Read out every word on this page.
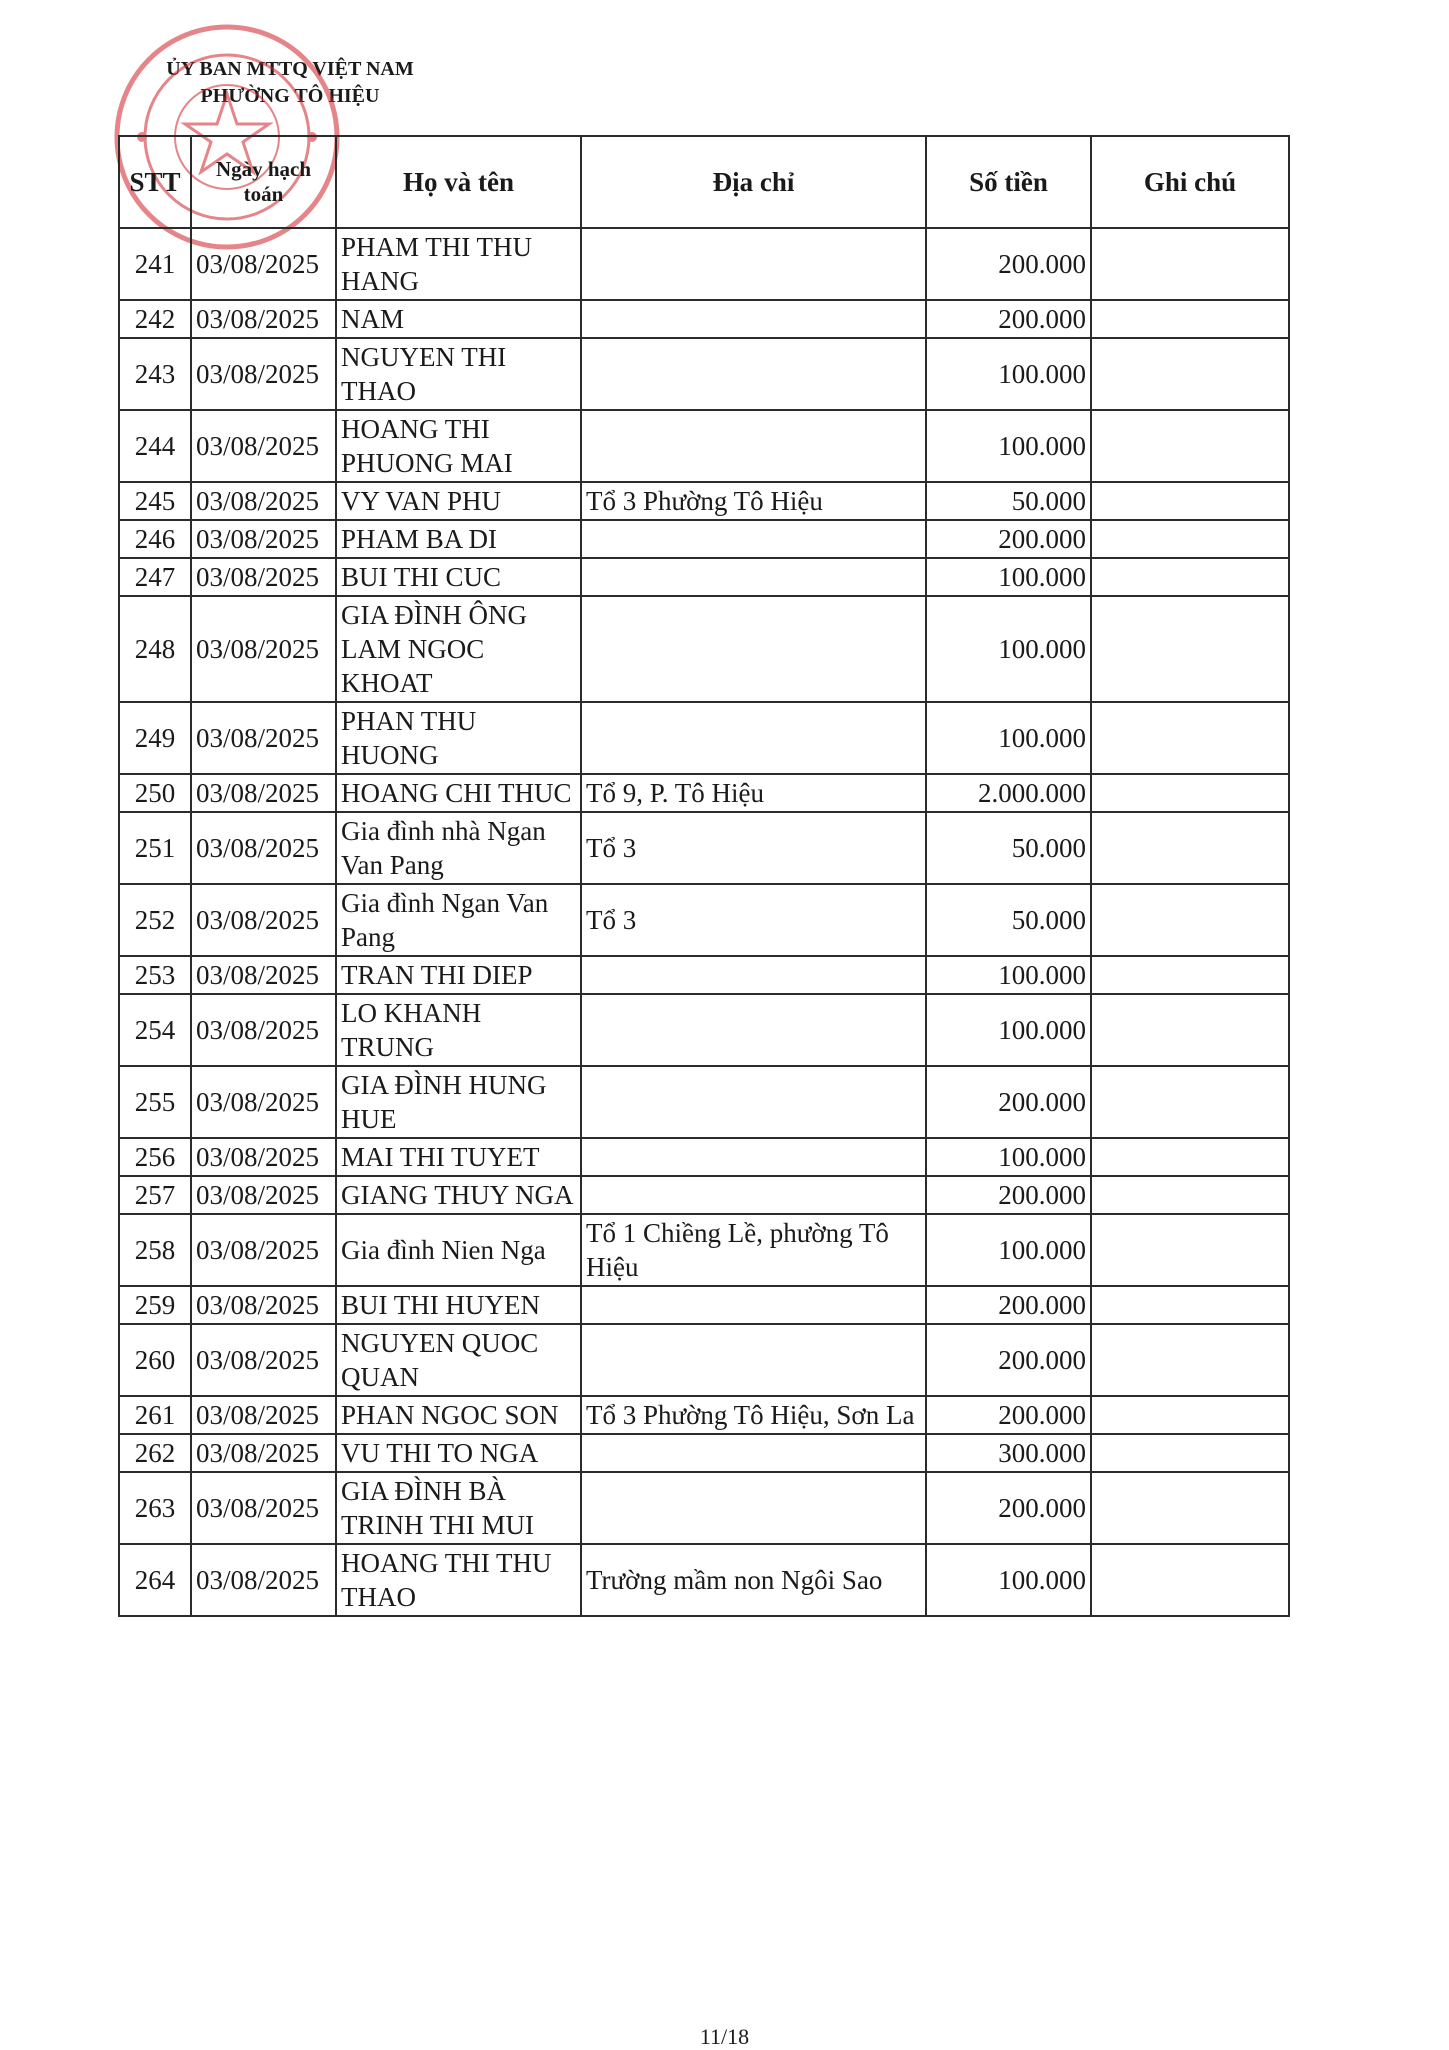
ỦY BAN MTTQ VIỆT NAM
PHƯỜNG TÔ HIỆU
STT	Ngày hạch toán	Họ và tên	Địa chỉ	Số tiền	Ghi chú
241	03/08/2025	PHAM THI THU HANG		200.000	
242	03/08/2025	NAM		200.000	
243	03/08/2025	NGUYEN THI THAO		100.000	
244	03/08/2025	HOANG THI PHUONG MAI		100.000	
245	03/08/2025	VY VAN PHU	Tổ 3 Phường Tô Hiệu	50.000	
246	03/08/2025	PHAM BA DI		200.000	
247	03/08/2025	BUI THI CUC		100.000	
248	03/08/2025	GIA ĐÌNH ÔNG LAM NGOC KHOAT		100.000	
249	03/08/2025	PHAN THU HUONG		100.000	
250	03/08/2025	HOANG CHI THUC	Tổ 9, P. Tô Hiệu	2.000.000	
251	03/08/2025	Gia đình nhà Ngan Van Pang	Tổ 3	50.000	
252	03/08/2025	Gia đình Ngan Van Pang	Tổ 3	50.000	
253	03/08/2025	TRAN THI DIEP		100.000	
254	03/08/2025	LO KHANH TRUNG		100.000	
255	03/08/2025	GIA ĐÌNH HUNG HUE		200.000	
256	03/08/2025	MAI THI TUYET		100.000	
257	03/08/2025	GIANG THUY NGA		200.000	
258	03/08/2025	Gia đình Nien Nga	Tổ 1 Chiềng Lề, phường Tô Hiệu	100.000	
259	03/08/2025	BUI THI HUYEN		200.000	
260	03/08/2025	NGUYEN QUOC QUAN		200.000	
261	03/08/2025	PHAN NGOC SON	Tổ 3 Phường Tô Hiệu, Sơn La	200.000	
262	03/08/2025	VU THI TO NGA		300.000	
263	03/08/2025	GIA ĐÌNH BÀ TRINH THI MUI		200.000	
264	03/08/2025	HOANG THI THU THAO	Trường mầm non Ngôi Sao	100.000	
11/18
